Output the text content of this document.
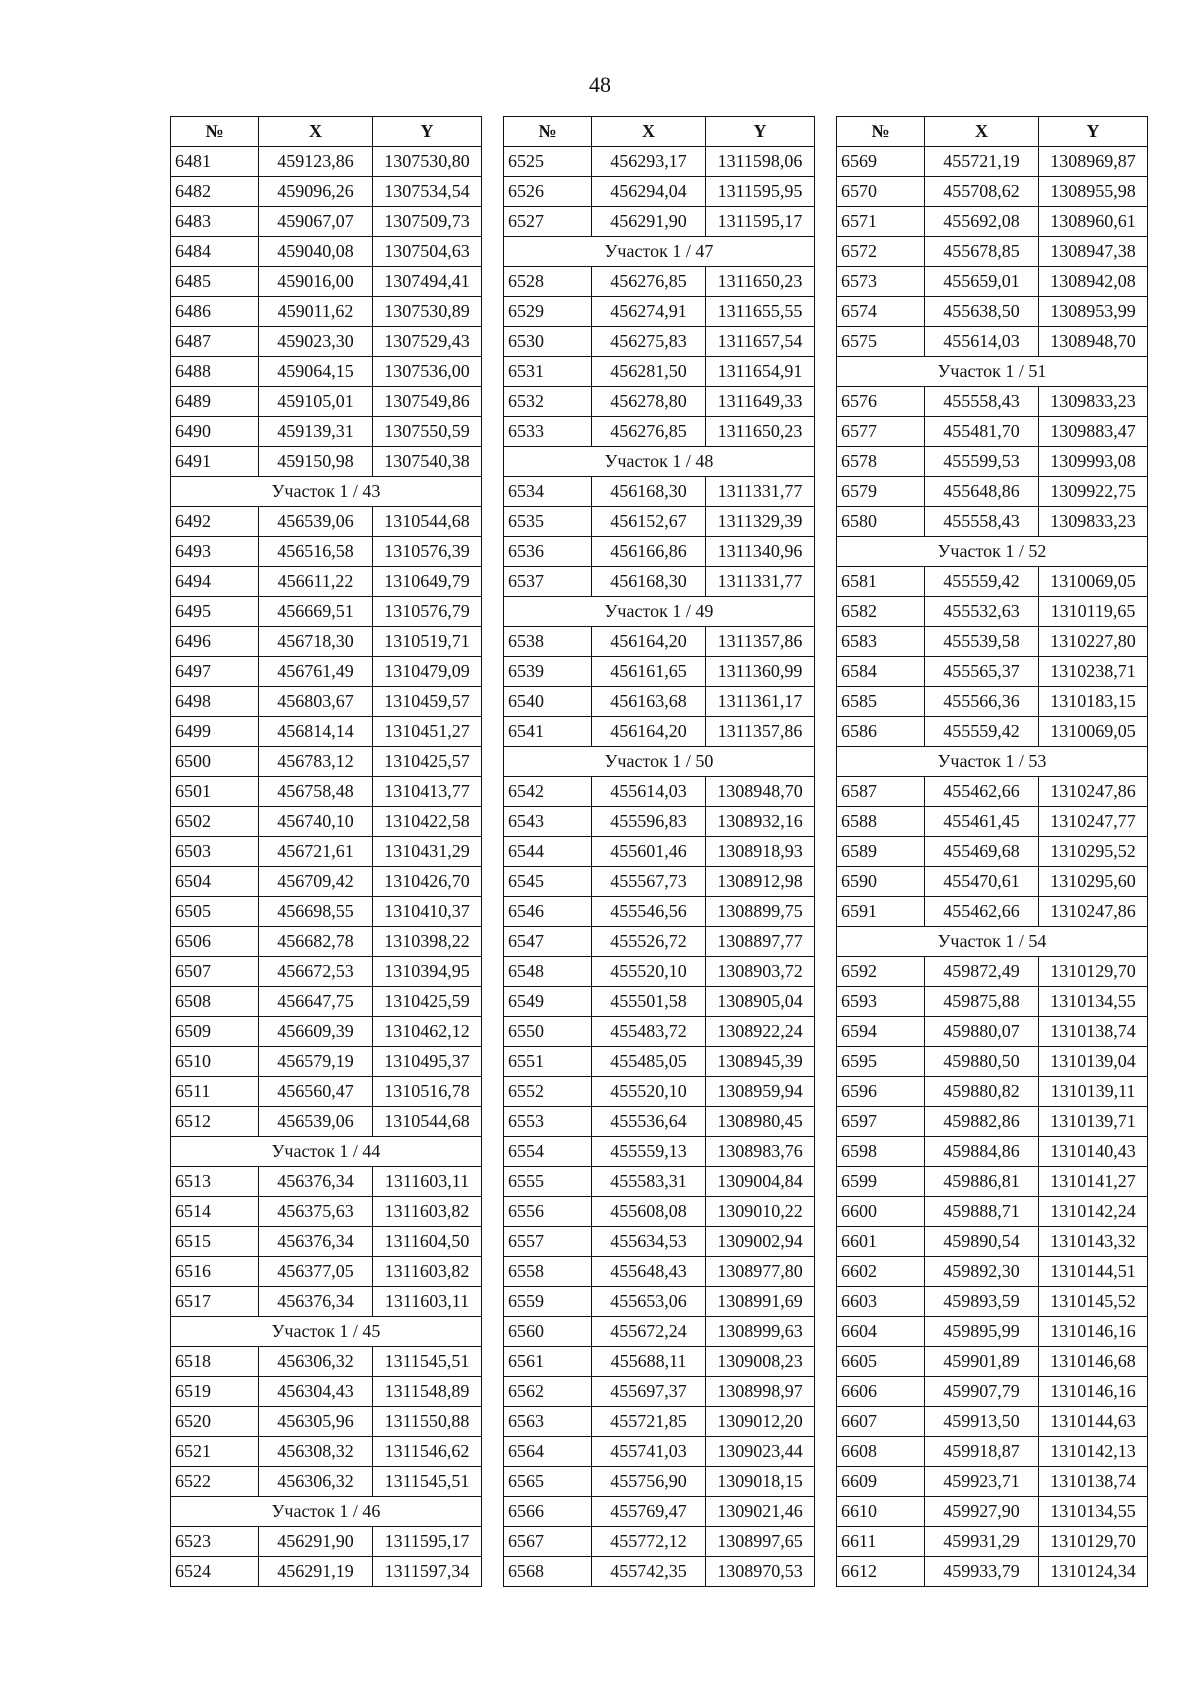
48
№	X	Y
6481	459123,86	1307530,80
6482	459096,26	1307534,54
6483	459067,07	1307509,73
6484	459040,08	1307504,63
6485	459016,00	1307494,41
6486	459011,62	1307530,89
6487	459023,30	1307529,43
6488	459064,15	1307536,00
6489	459105,01	1307549,86
6490	459139,31	1307550,59
6491	459150,98	1307540,38
Участок 1 / 43		
6492	456539,06	1310544,68
6493	456516,58	1310576,39
6494	456611,22	1310649,79
6495	456669,51	1310576,79
6496	456718,30	1310519,71
6497	456761,49	1310479,09
6498	456803,67	1310459,57
6499	456814,14	1310451,27
6500	456783,12	1310425,57
6501	456758,48	1310413,77
6502	456740,10	1310422,58
6503	456721,61	1310431,29
6504	456709,42	1310426,70
6505	456698,55	1310410,37
6506	456682,78	1310398,22
6507	456672,53	1310394,95
6508	456647,75	1310425,59
6509	456609,39	1310462,12
6510	456579,19	1310495,37
6511	456560,47	1310516,78
6512	456539,06	1310544,68
Участок 1 / 44		
6513	456376,34	1311603,11
6514	456375,63	1311603,82
6515	456376,34	1311604,50
6516	456377,05	1311603,82
6517	456376,34	1311603,11
Участок 1 / 45		
6518	456306,32	1311545,51
6519	456304,43	1311548,89
6520	456305,96	1311550,88
6521	456308,32	1311546,62
6522	456306,32	1311545,51
Участок 1 / 46		
6523	456291,90	1311595,17
6524	456291,19	1311597,34
№	X	Y
6525	456293,17	1311598,06
6526	456294,04	1311595,95
6527	456291,90	1311595,17
Участок 1 / 47		
6528	456276,85	1311650,23
6529	456274,91	1311655,55
6530	456275,83	1311657,54
6531	456281,50	1311654,91
6532	456278,80	1311649,33
6533	456276,85	1311650,23
Участок 1 / 48		
6534	456168,30	1311331,77
6535	456152,67	1311329,39
6536	456166,86	1311340,96
6537	456168,30	1311331,77
Участок 1 / 49		
6538	456164,20	1311357,86
6539	456161,65	1311360,99
6540	456163,68	1311361,17
6541	456164,20	1311357,86
Участок 1 / 50		
6542	455614,03	1308948,70
6543	455596,83	1308932,16
6544	455601,46	1308918,93
6545	455567,73	1308912,98
6546	455546,56	1308899,75
6547	455526,72	1308897,77
6548	455520,10	1308903,72
6549	455501,58	1308905,04
6550	455483,72	1308922,24
6551	455485,05	1308945,39
6552	455520,10	1308959,94
6553	455536,64	1308980,45
6554	455559,13	1308983,76
6555	455583,31	1309004,84
6556	455608,08	1309010,22
6557	455634,53	1309002,94
6558	455648,43	1308977,80
6559	455653,06	1308991,69
6560	455672,24	1308999,63
6561	455688,11	1309008,23
6562	455697,37	1308998,97
6563	455721,85	1309012,20
6564	455741,03	1309023,44
6565	455756,90	1309018,15
6566	455769,47	1309021,46
6567	455772,12	1308997,65
6568	455742,35	1308970,53
№	X	Y
6569	455721,19	1308969,87
6570	455708,62	1308955,98
6571	455692,08	1308960,61
6572	455678,85	1308947,38
6573	455659,01	1308942,08
6574	455638,50	1308953,99
6575	455614,03	1308948,70
Участок 1 / 51		
6576	455558,43	1309833,23
6577	455481,70	1309883,47
6578	455599,53	1309993,08
6579	455648,86	1309922,75
6580	455558,43	1309833,23
Участок 1 / 52		
6581	455559,42	1310069,05
6582	455532,63	1310119,65
6583	455539,58	1310227,80
6584	455565,37	1310238,71
6585	455566,36	1310183,15
6586	455559,42	1310069,05
Участок 1 / 53		
6587	455462,66	1310247,86
6588	455461,45	1310247,77
6589	455469,68	1310295,52
6590	455470,61	1310295,60
6591	455462,66	1310247,86
Участок 1 / 54		
6592	459872,49	1310129,70
6593	459875,88	1310134,55
6594	459880,07	1310138,74
6595	459880,50	1310139,04
6596	459880,82	1310139,11
6597	459882,86	1310139,71
6598	459884,86	1310140,43
6599	459886,81	1310141,27
6600	459888,71	1310142,24
6601	459890,54	1310143,32
6602	459892,30	1310144,51
6603	459893,59	1310145,52
6604	459895,99	1310146,16
6605	459901,89	1310146,68
6606	459907,79	1310146,16
6607	459913,50	1310144,63
6608	459918,87	1310142,13
6609	459923,71	1310138,74
6610	459927,90	1310134,55
6611	459931,29	1310129,70
6612	459933,79	1310124,34
